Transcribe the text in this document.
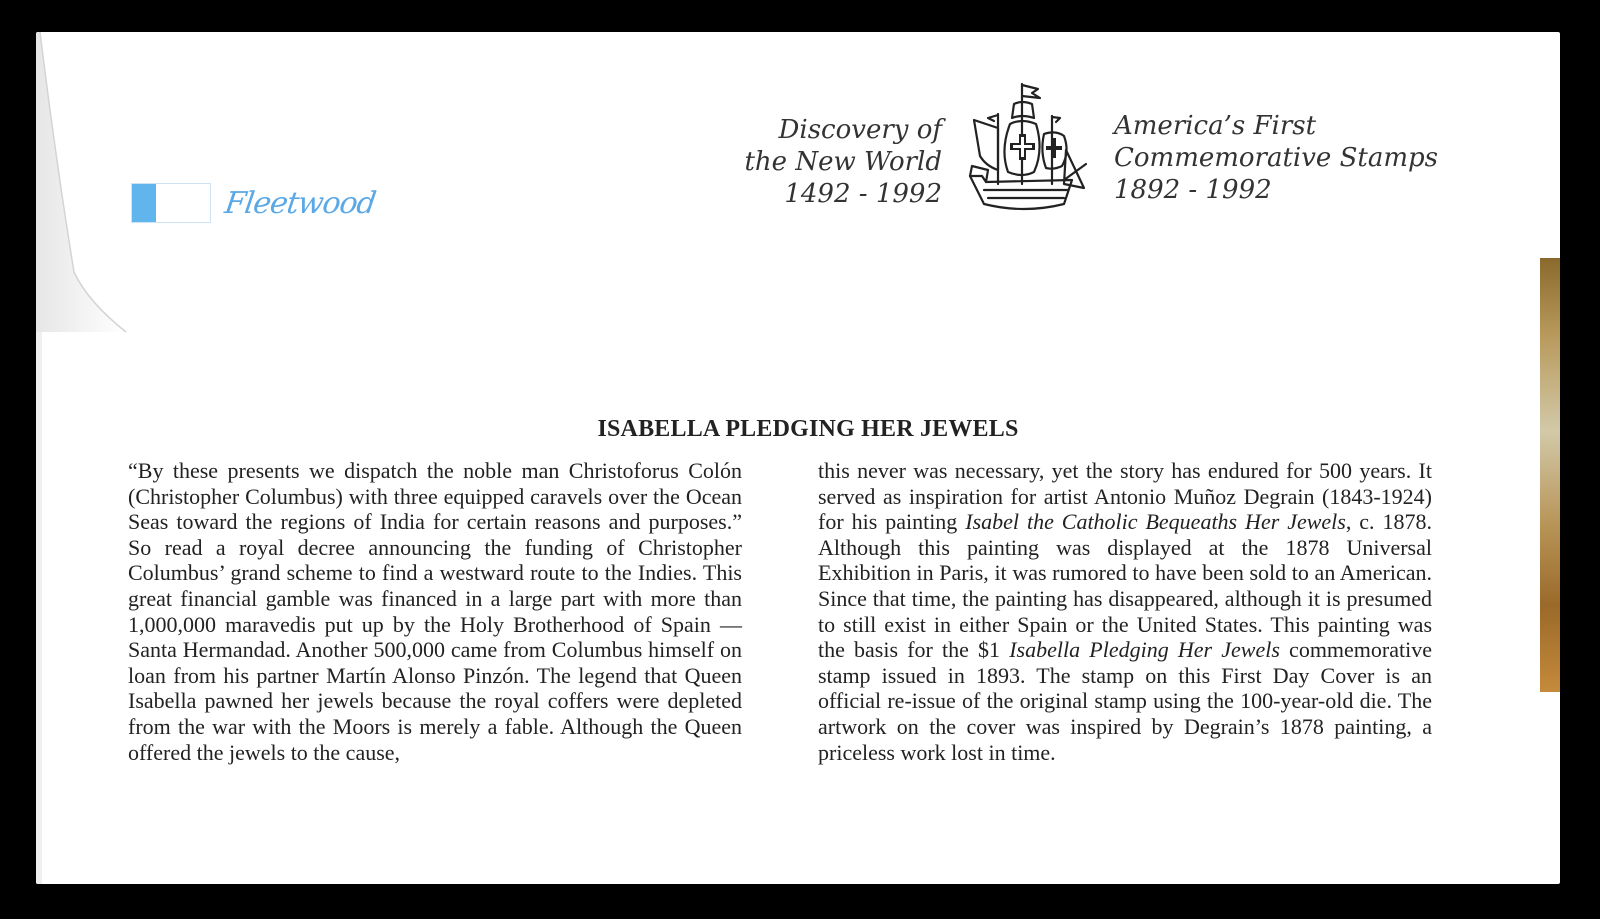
Fleetwood
Discovery of
the New World
1492 - 1992
America’s First
Commemorative Stamps
1892 - 1992
ISABELLA PLEDGING HER JEWELS
“By these presents we dispatch the noble man Christoforus Colón (Christopher Columbus) with three equipped caravels over the Ocean Seas toward the regions of India for certain reasons and purposes.” So read a royal decree announcing the funding of Christopher Columbus’ grand scheme to find a westward route to the Indies. This great financial gamble was financed in a large part with more than 1,000,000 maravedis put up by the Holy Brotherhood of Spain — Santa Hermandad. Another 500,000 came from Columbus himself on loan from his partner Martín Alonso Pinzón. The legend that Queen Isabella pawned her jewels because the royal coffers were depleted from the war with the Moors is merely a fable. Although the Queen offered the jewels to the cause,
this never was necessary, yet the story has endured for 500 years. It served as inspiration for artist Antonio Muñoz Degrain (1843-1924) for his painting Isabel the Catholic Bequeaths Her Jewels, c. 1878. Although this painting was displayed at the 1878 Universal Exhibition in Paris, it was rumored to have been sold to an American. Since that time, the painting has disappeared, although it is presumed to still exist in either Spain or the United States. This painting was the basis for the $1 Isabella Pledging Her Jewels commemorative stamp issued in 1893. The stamp on this First Day Cover is an official re-issue of the original stamp using the 100-year-old die. The artwork on the cover was inspired by Degrain’s 1878 painting, a priceless work lost in time.
